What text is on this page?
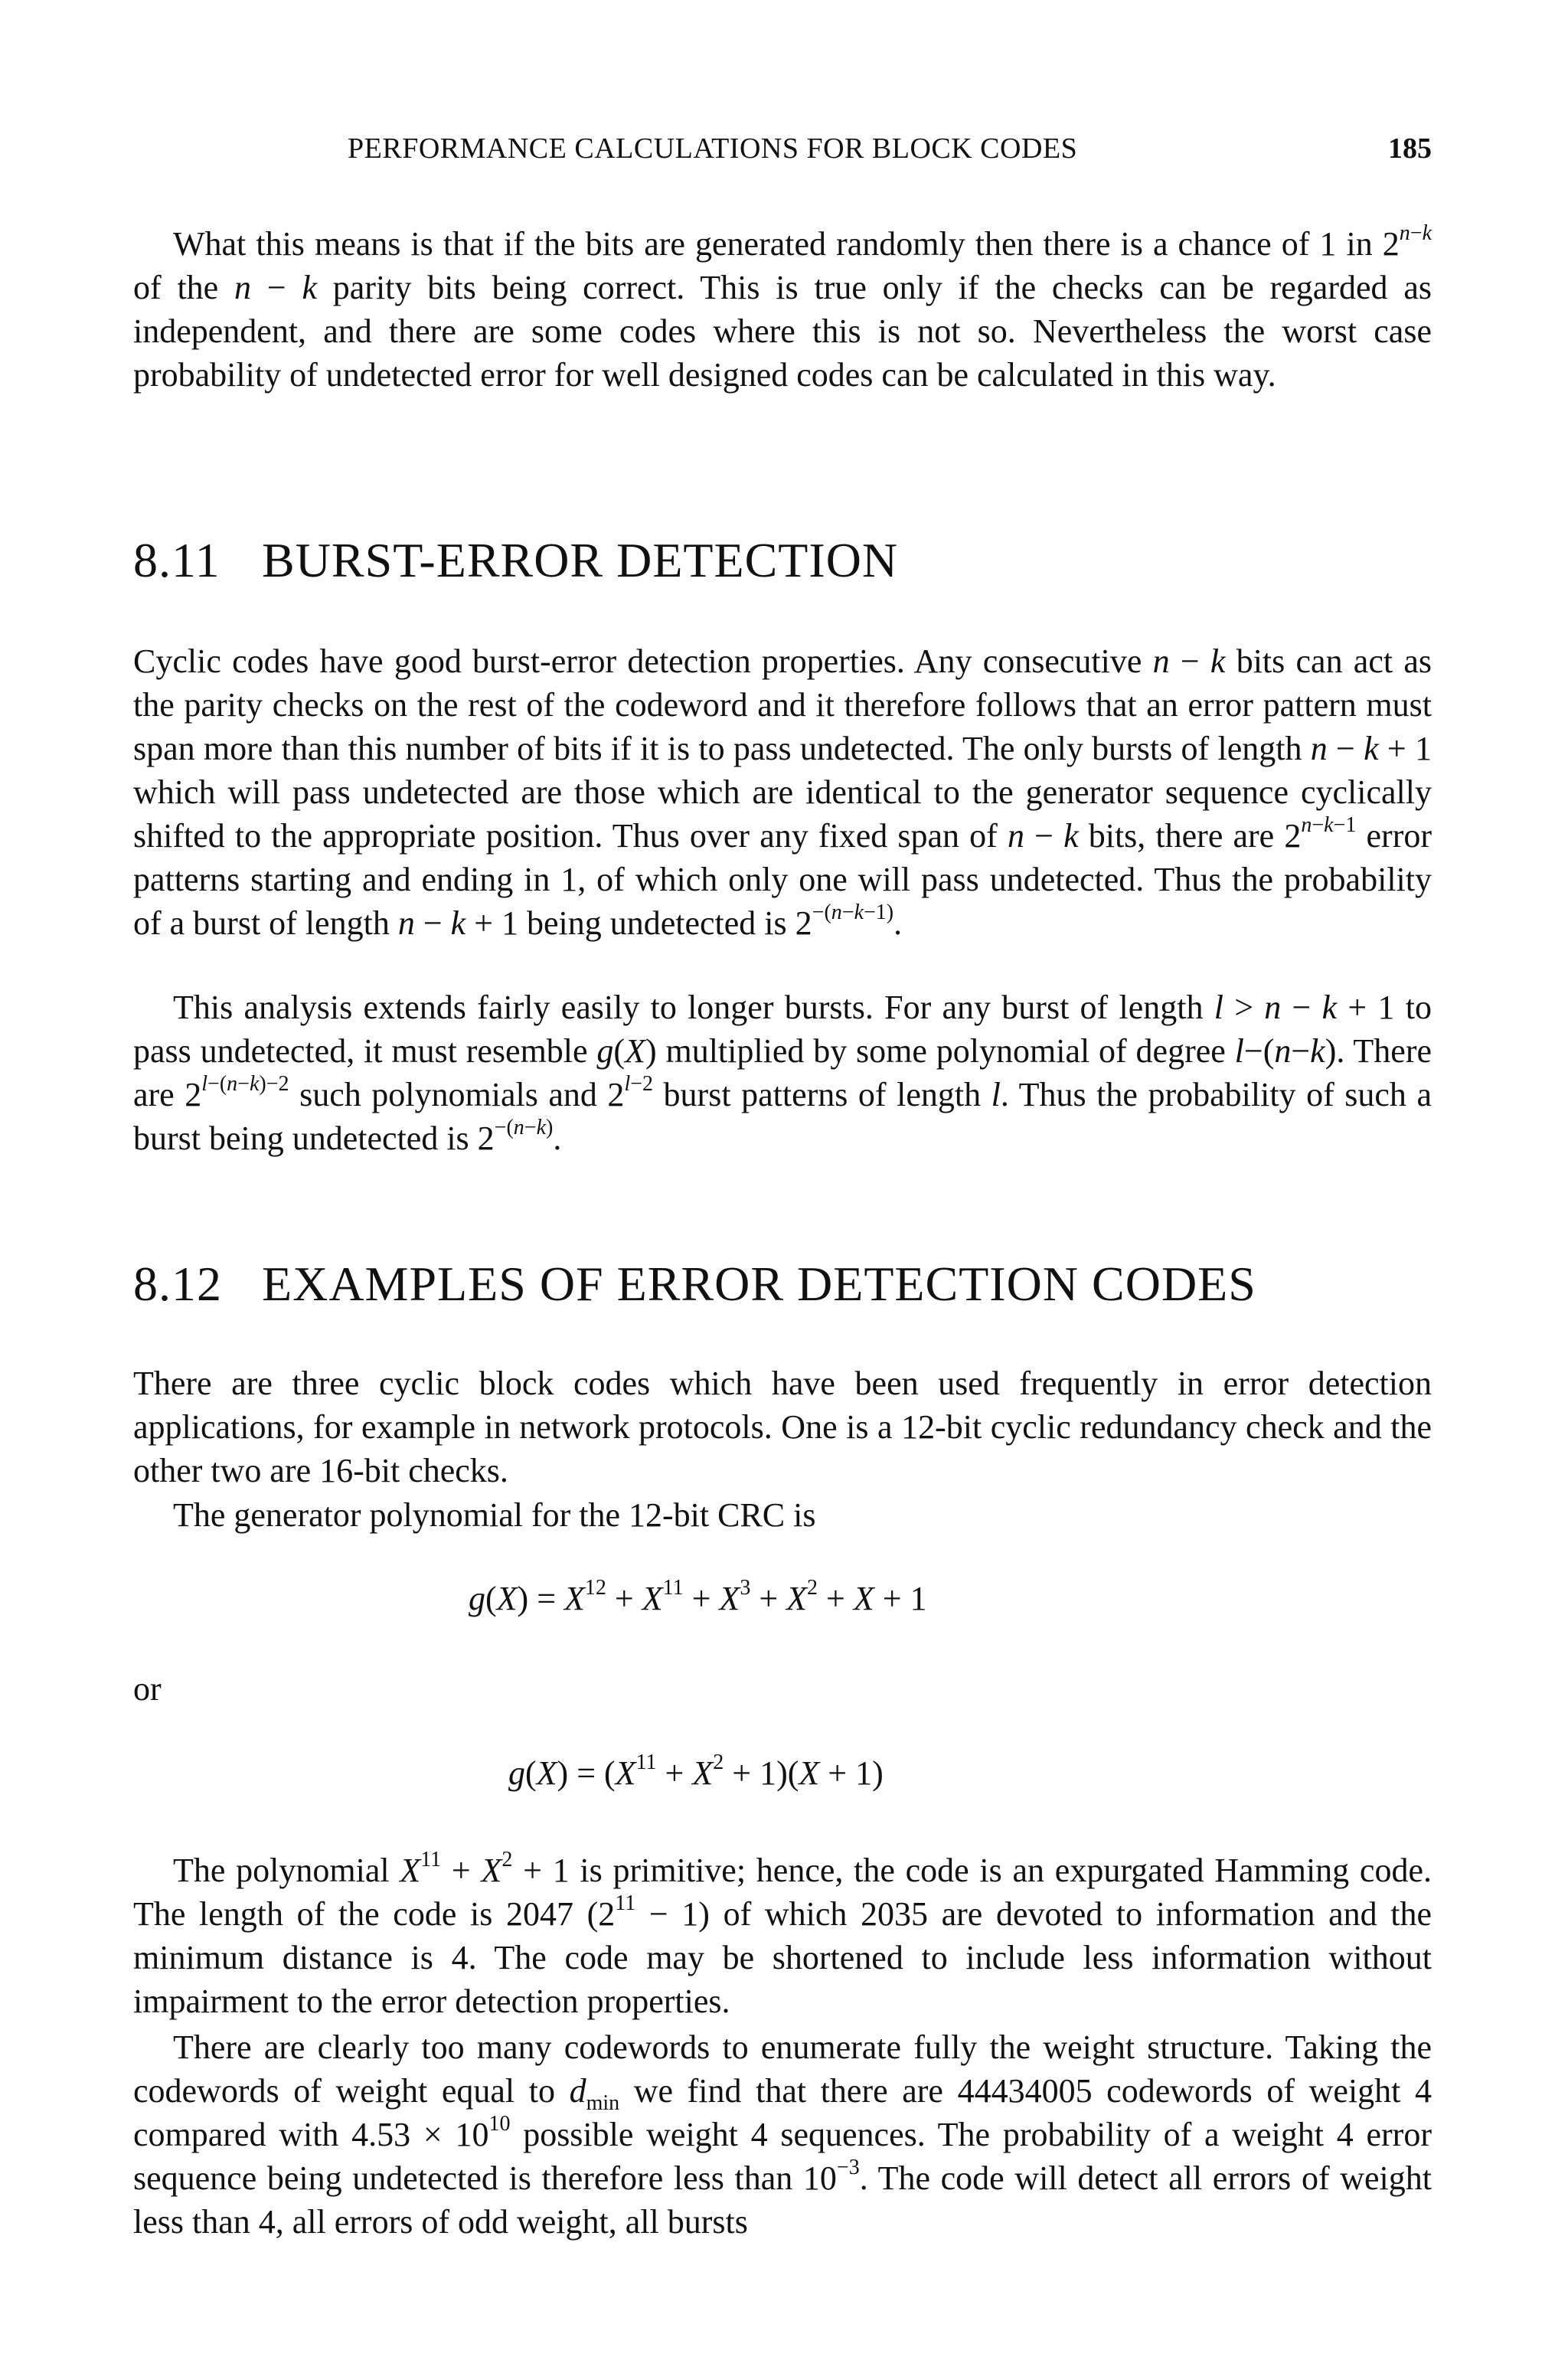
PERFORMANCE CALCULATIONS FOR BLOCK CODES	185

What this means is that if the bits are generated randomly then there is a chance of 1 in $2^{n-k}$ of the n − k parity bits being correct. This is true only if the checks can be regarded as independent, and there are some codes where this is not so. Nevertheless the worst case probability of undetected error for well designed codes can be calculated in this way.

8.11 BURST-ERROR DETECTION

Cyclic codes have good burst-error detection properties. Any consecutive n − k bits can act as the parity checks on the rest of the codeword and it therefore follows that an error pattern must span more than this number of bits if it is to pass undetected. The only bursts of length n − k + 1 which will pass undetected are those which are identical to the generator sequence cyclically shifted to the appropriate position. Thus over any fixed span of n − k bits, there are $2^{n-k-1}$ error patterns starting and ending in 1, of which only one will pass undetected. Thus the probability of a burst of length n − k + 1 being undetected is $2^{-(n-k-1)}$.

This analysis extends fairly easily to longer bursts. For any burst of length l > n − k + 1 to pass undetected, it must resemble g(X) multiplied by some polynomial of degree l−(n−k). There are $2^{l-(n-k)-2}$ such polynomials and $2^{l-2}$ burst patterns of length l. Thus the probability of such a burst being undetected is $2^{-(n-k)}$.

8.12 EXAMPLES OF ERROR DETECTION CODES

There are three cyclic block codes which have been used frequently in error detection applications, for example in network protocols. One is a 12-bit cyclic redundancy check and the other two are 16-bit checks.

The generator polynomial for the 12-bit CRC is

$g(X) = X^{12} + X^{11} + X^3 + X^2 + X + 1$
or
$g(X) = (X^{11} + X^2 + 1)(X + 1)$

The polynomial $X^{11} + X^2 + 1$ is primitive; hence, the code is an expurgated Hamming code. The length of the code is 2047 $(2^{11} - 1)$ of which 2035 are devoted to information and the minimum distance is 4. The code may be shortened to include less information without impairment to the error detection properties.

There are clearly too many codewords to enumerate fully the weight structure. Taking the codewords of weight equal to $d_{min}$ we find that there are 44434005 codewords of weight 4 compared with $4.53 \times 10^{10}$ possible weight 4 sequences. The probability of a weight 4 error sequence being undetected is therefore less than $10^{-3}$. The code will detect all errors of weight less than 4, all errors of odd weight, all bursts
